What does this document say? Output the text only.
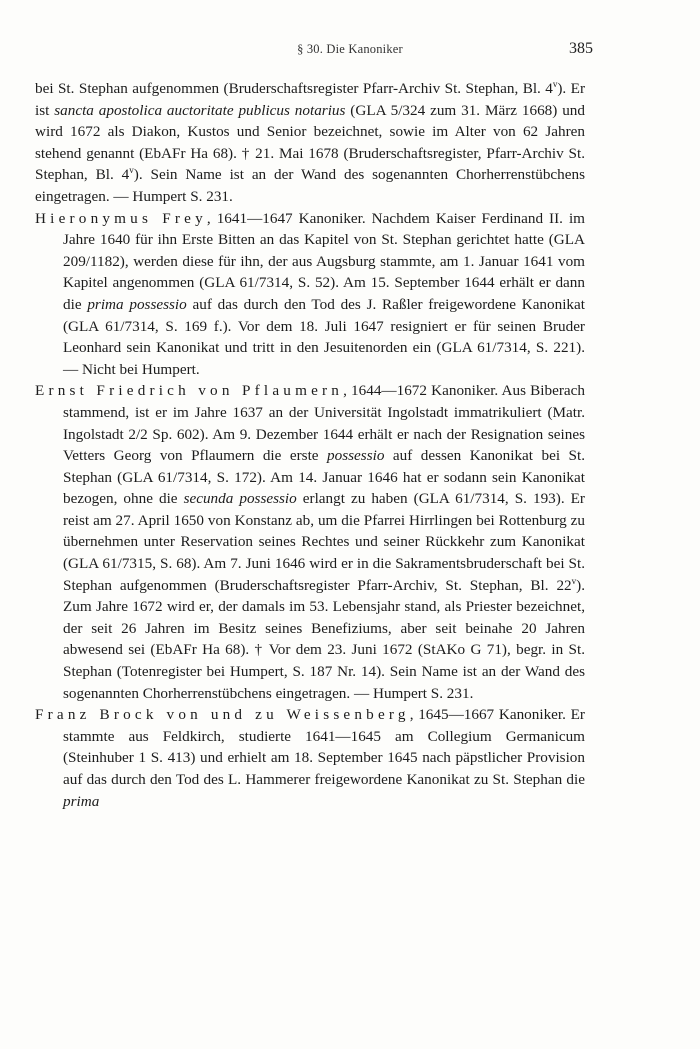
§ 30. Die Kanoniker	385

bei St. Stephan aufgenommen (Bruderschaftsregister Pfarr-Archiv St. Stephan, Bl. 4$^v$). Er ist sancta apostolica auctoritate publicus notarius (GLA 5/324 zum 31. März 1668) und wird 1672 als Diakon, Kustos und Senior bezeichnet, sowie im Alter von 62 Jahren stehend genannt (EbAFr Ha 68). † 21. Mai 1678 (Bruderschaftsregister, Pfarr-Archiv St. Stephan, Bl. 4$^v$). Sein Name ist an der Wand des sogenannten Chorherrenstübchens eingetragen. — Humpert S. 231.

Hieronymus Frey, 1641—1647 Kanoniker. Nachdem Kaiser Ferdinand II. im Jahre 1640 für ihn Erste Bitten an das Kapitel von St. Stephan gerichtet hatte (GLA 209/1182), werden diese für ihn, der aus Augsburg stammte, am 1. Januar 1641 vom Kapitel angenommen (GLA 61/7314, S. 52). Am 15. September 1644 erhält er dann die prima possessio auf das durch den Tod des J. Raßler freigewordene Kanonikat (GLA 61/7314, S. 169 f.). Vor dem 18. Juli 1647 resigniert er für seinen Bruder Leonhard sein Kanonikat und tritt in den Jesuitenorden ein (GLA 61/7314, S. 221). — Nicht bei Humpert.

Ernst Friedrich von Pflaumern, 1644—1672 Kanoniker. Aus Biberach stammend, ist er im Jahre 1637 an der Universität Ingolstadt immatrikuliert (Matr. Ingolstadt 2/2 Sp. 602). Am 9. Dezember 1644 erhält er nach der Resignation seines Vetters Georg von Pflaumern die erste possessio auf dessen Kanonikat bei St. Stephan (GLA 61/7314, S. 172). Am 14. Januar 1646 hat er sodann sein Kanonikat bezogen, ohne die secunda possessio erlangt zu haben (GLA 61/7314, S. 193). Er reist am 27. April 1650 von Konstanz ab, um die Pfarrei Hirrlingen bei Rottenburg zu übernehmen unter Reservation seines Rechtes und seiner Rückkehr zum Kanonikat (GLA 61/7315, S. 68). Am 7. Juni 1646 wird er in die Sakramentsbruderschaft bei St. Stephan aufgenommen (Bruderschaftsregister Pfarr-Archiv, St. Stephan, Bl. 22$^v$). Zum Jahre 1672 wird er, der damals im 53. Lebensjahr stand, als Priester bezeichnet, der seit 26 Jahren im Besitz seines Benefiziums, aber seit beinahe 20 Jahren abwesend sei (EbAFr Ha 68). † Vor dem 23. Juni 1672 (StAKo G 71), begr. in St. Stephan (Totenregister bei Humpert, S. 187 Nr. 14). Sein Name ist an der Wand des sogenannten Chorherrenstübchens eingetragen. — Humpert S. 231.

Franz Brock von und zu Weissenberg, 1645—1667 Kanoniker. Er stammte aus Feldkirch, studierte 1641—1645 am Collegium Germanicum (Steinhuber 1 S. 413) und erhielt am 18. September 1645 nach päpstlicher Provision auf das durch den Tod des L. Hammerer freigewordene Kanonikat zu St. Stephan die prima
